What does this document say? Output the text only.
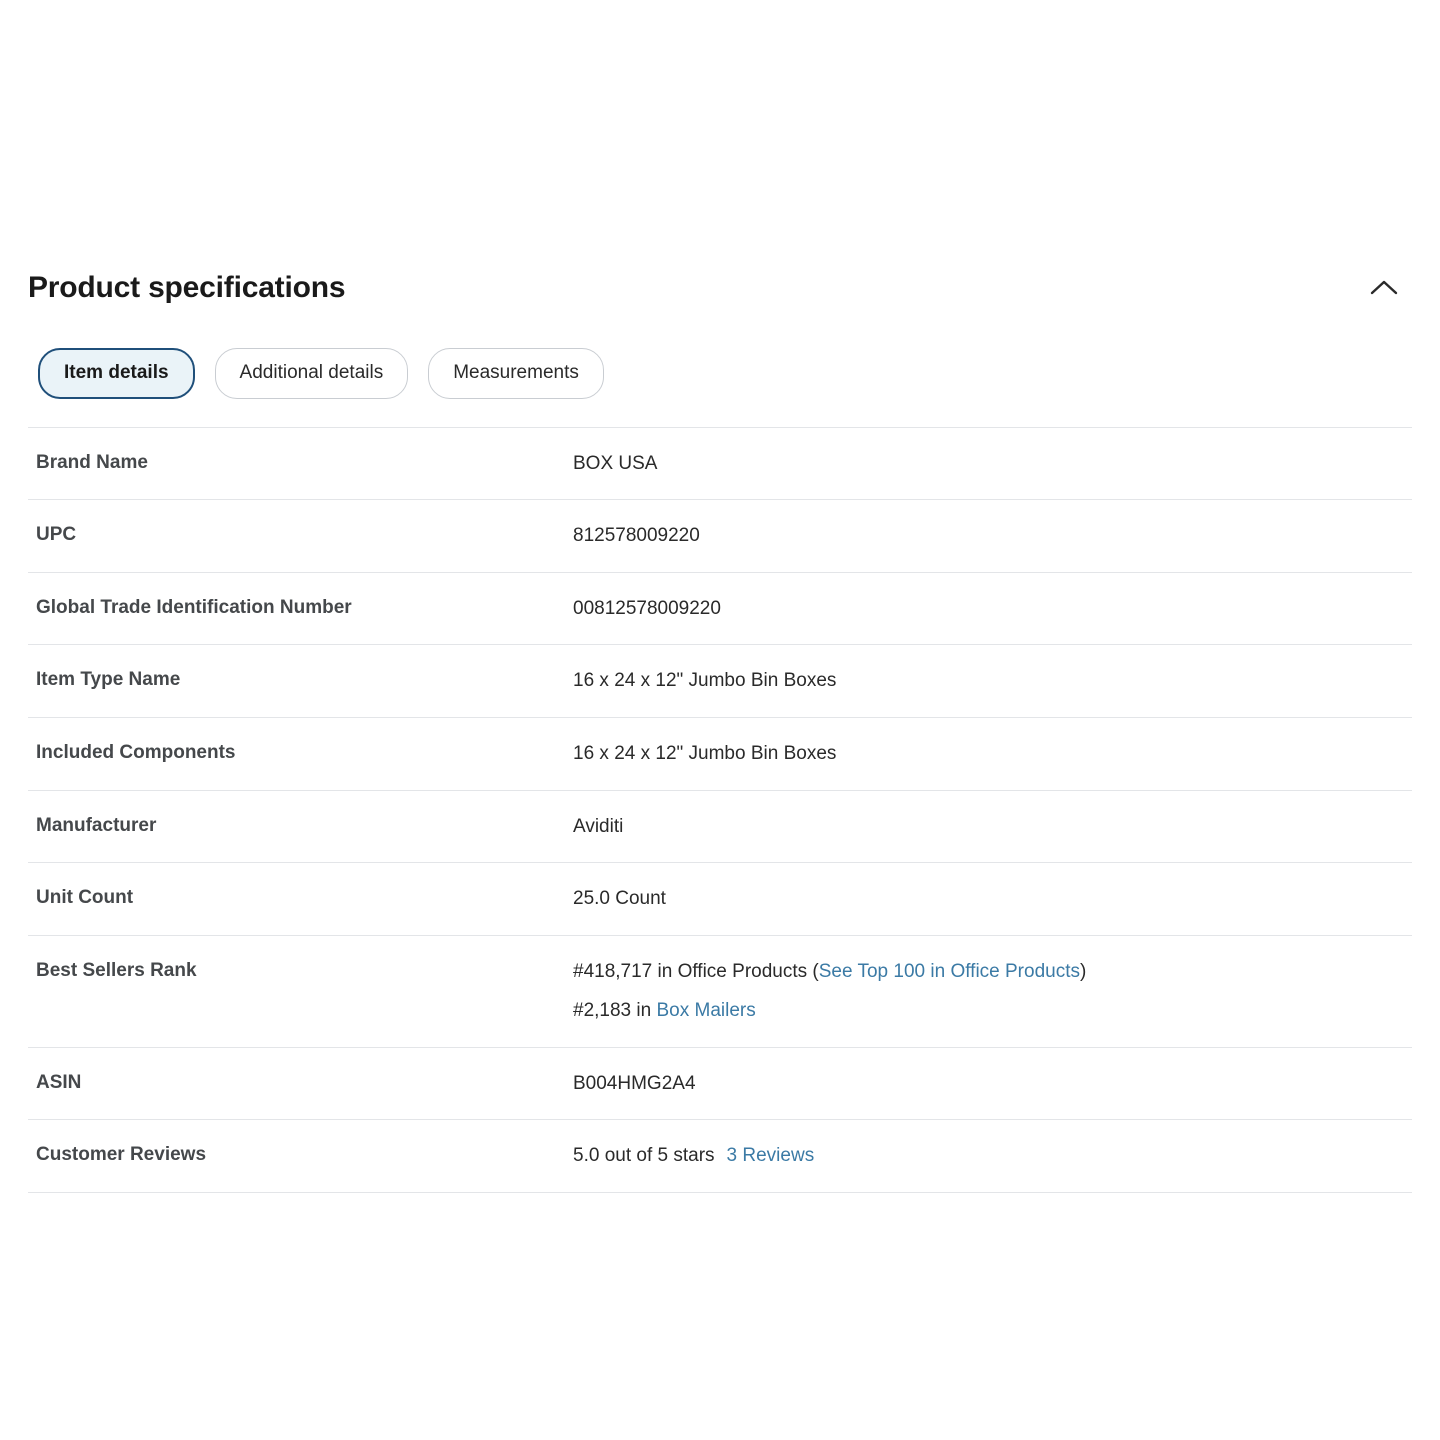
Product specifications
Item details	Additional details	Measurements
Brand Name	BOX USA
UPC	812578009220
Global Trade Identification Number	00812578009220
Item Type Name	16 x 24 x 12" Jumbo Bin Boxes
Included Components	16 x 24 x 12" Jumbo Bin Boxes
Manufacturer	Aviditi
Unit Count	25.0 Count
Best Sellers Rank	#418,717 in Office Products (See Top 100 in Office Products)
#2,183 in Box Mailers

ASIN	B004HMG2A4
Customer Reviews	5.0 out of 5 stars 3 Reviews
